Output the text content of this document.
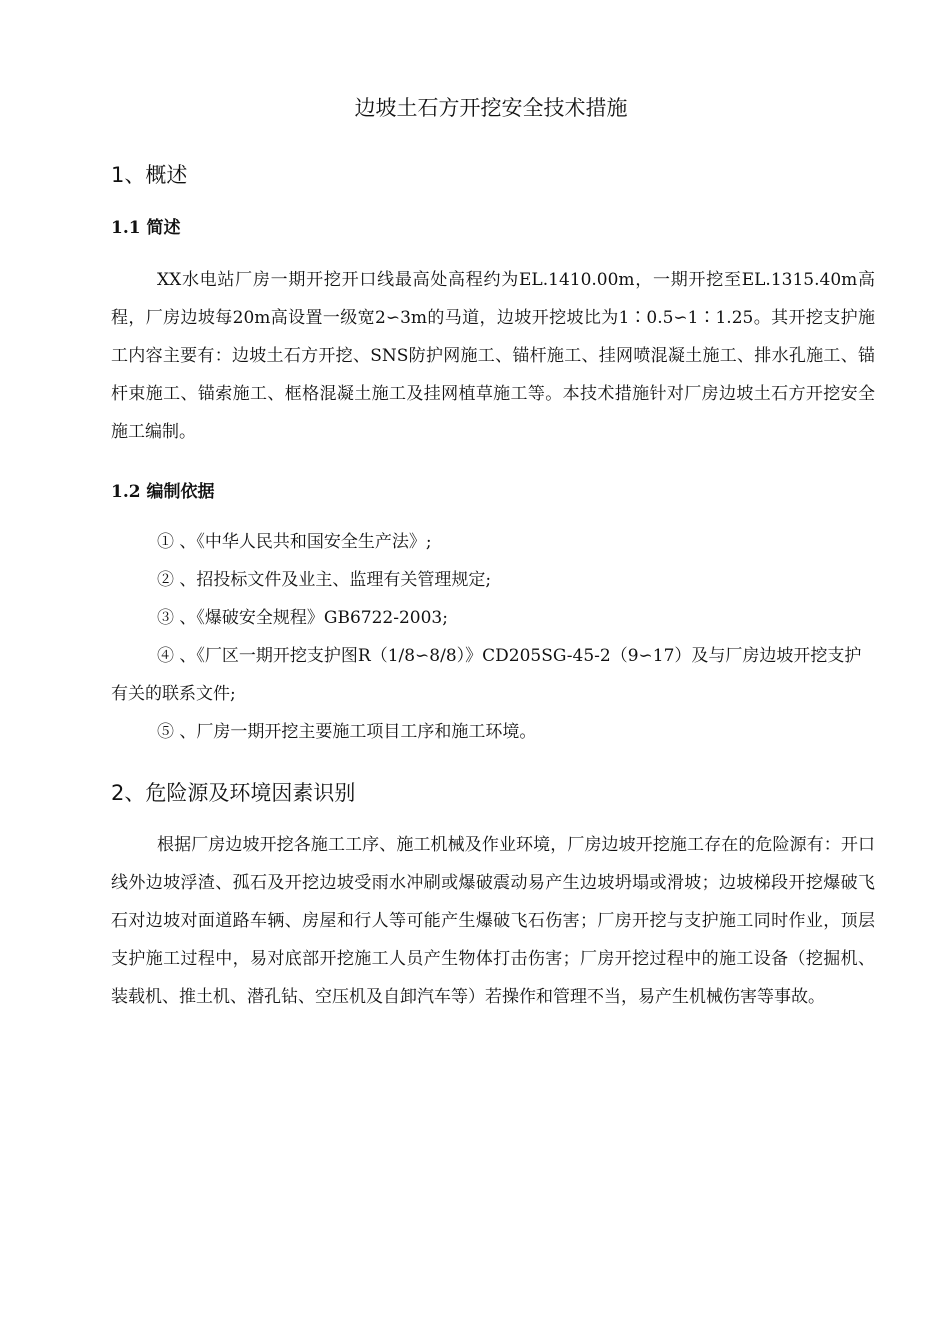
边坡土石方开挖安全技术措施
1、概述
1.1 简述

XX水电站厂房一期开挖开口线最高处高程约为EL.1410.00m，一期开挖至EL.1315.40m高程，厂房边坡每20m高设置一级宽2∽3m的马道，边坡开挖坡比为1∶0.5∽1∶1.25。其开挖支护施工内容主要有：边坡土石方开挖、SNS防护网施工、锚杆施工、挂网喷混凝土施工、排水孔施工、锚杆束施工、锚索施工、框格混凝土施工及挂网植草施工等。本技术措施针对厂房边坡土石方开挖安全施工编制。

1.2 编制依据

① 、《中华人民共和国安全生产法》;

② 、招投标文件及业主、监理有关管理规定;

③ 、《爆破安全规程》GB6722-2003;

④ 、《厂区一期开挖支护图R（1/8∽8/8）》CD205SG-45-2（9∽17）及与厂房边坡开挖支护有关的联系文件;

⑤ 、厂房一期开挖主要施工项目工序和施工环境。

2、危险源及环境因素识别

根据厂房边坡开挖各施工工序、施工机械及作业环境，厂房边坡开挖施工存在的危险源有：开口线外边坡浮渣、孤石及开挖边坡受雨水冲刷或爆破震动易产生边坡坍塌或滑坡；边坡梯段开挖爆破飞石对边坡对面道路车辆、房屋和行人等可能产生爆破飞石伤害；厂房开挖与支护施工同时作业，顶层支护施工过程中，易对底部开挖施工人员产生物体打击伤害；厂房开挖过程中的施工设备（挖掘机、装载机、推土机、潜孔钻、空压机及自卸汽车等）若操作和管理不当，易产生机械伤害等事故。
